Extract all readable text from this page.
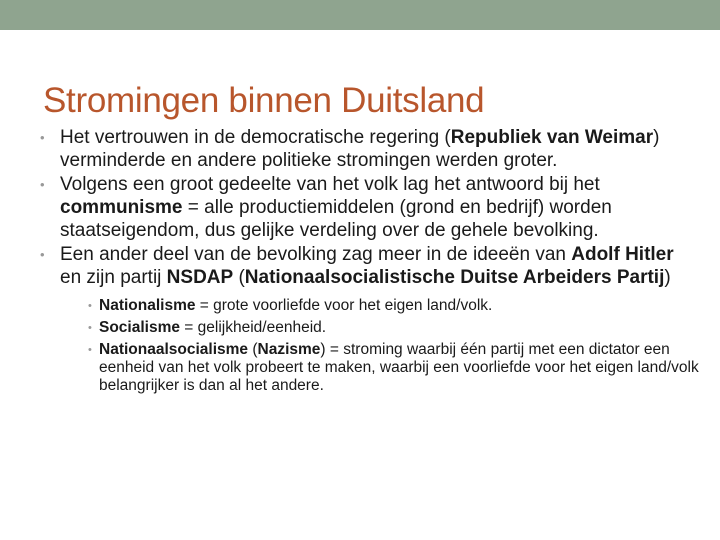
Stromingen binnen Duitsland
• Het vertrouwen in de democratische regering (Republiek van Weimar) verminderde en andere politieke stromingen werden groter.
• Volgens een groot gedeelte van het volk lag het antwoord bij het communisme = alle productiemiddelen (grond en bedrijf) worden staatseigendom, dus gelijke verdeling over de gehele bevolking.
• Een ander deel van de bevolking zag meer in de ideeën van Adolf Hitler en zijn partij NSDAP (Nationaalsocialistische Duitse Arbeiders Partij)
• Nationalisme = grote voorliefde voor het eigen land/volk.
• Socialisme = gelijkheid/eenheid.
• Nationaalsocialisme (Nazisme) = stroming waarbij één partij met een dictator een eenheid van het volk probeert te maken, waarbij een voorliefde voor het eigen land/volk belangrijker is dan al het andere.
